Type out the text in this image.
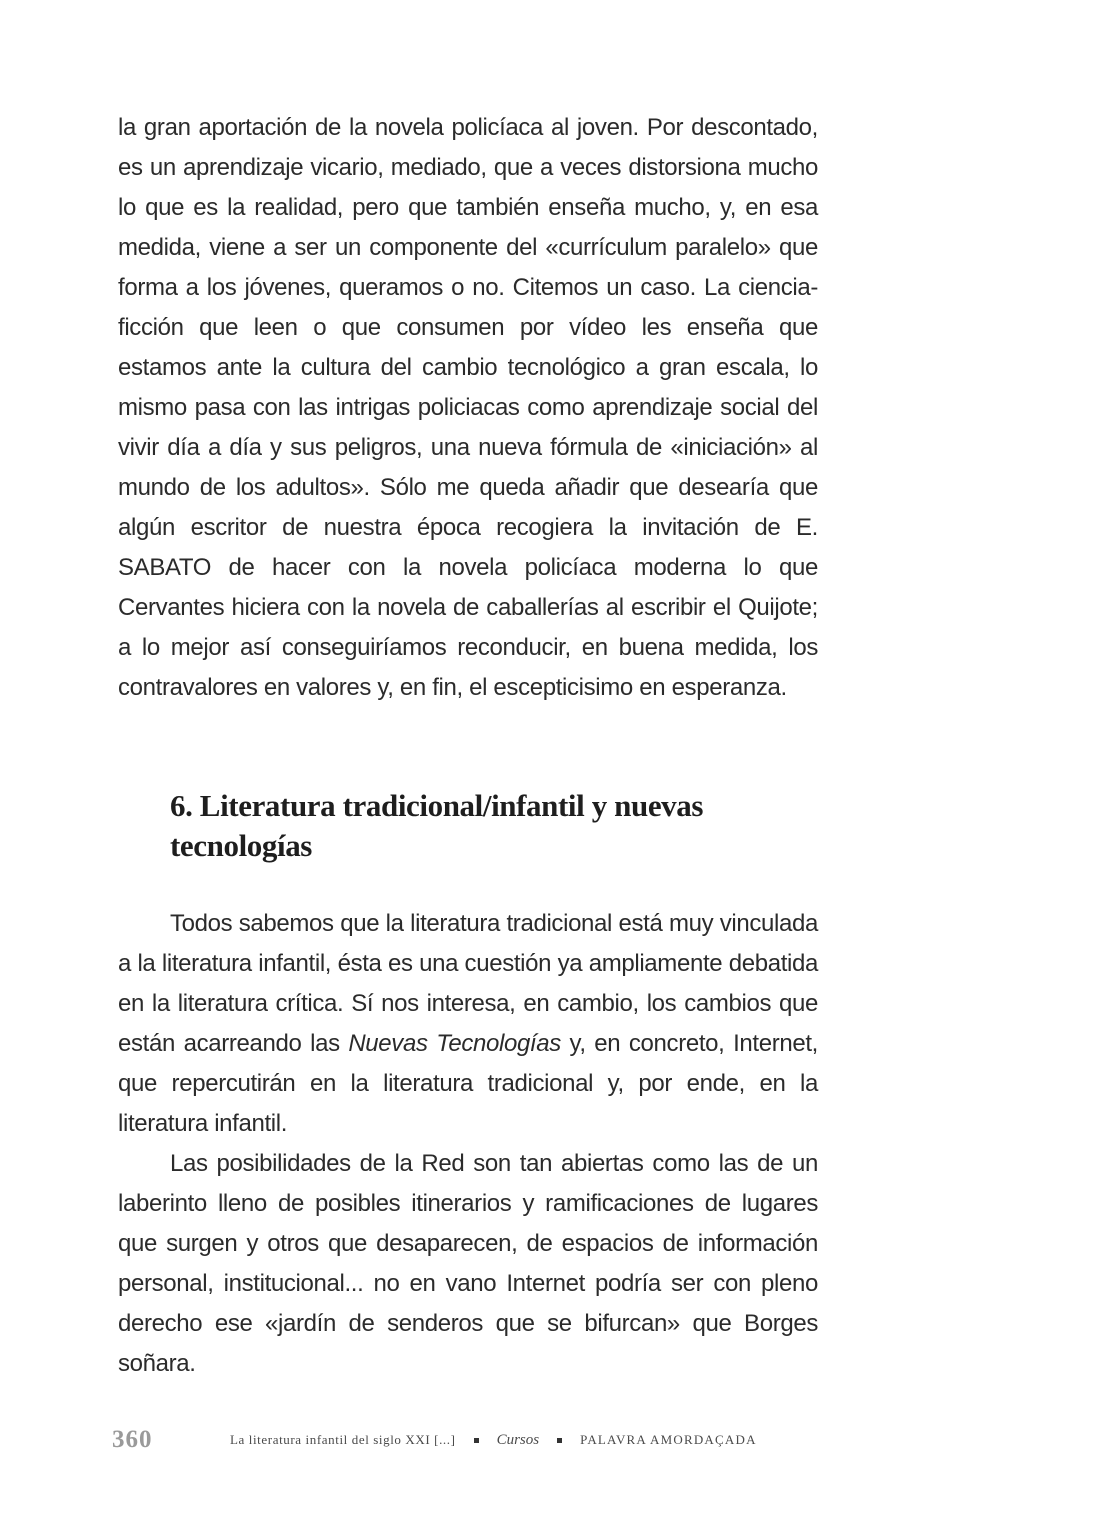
la gran aportación de la novela policíaca al joven. Por descontado, es un aprendizaje vicario, mediado, que a veces distorsiona mucho lo que es la realidad, pero que también enseña mucho, y, en esa medida, viene a ser un componente del «currículum paralelo» que forma a los jóvenes, queramos o no. Citemos un caso. La ciencia-ficción que leen o que consumen por vídeo les enseña que estamos ante la cultura del cambio tecnológico a gran escala, lo mismo pasa con las intrigas policiacas como aprendizaje social del vivir día a día y sus peligros, una nueva fórmula de «iniciación» al mundo de los adultos». Sólo me queda añadir que desearía que algún escritor de nuestra época recogiera la invitación de E. SABATO de hacer con la novela policíaca moderna lo que Cervantes hiciera con la novela de caballerías al escribir el Quijote; a lo mejor así conseguiríamos reconducir, en buena medida, los contravalores en valores y, en fin, el escepticisimo en esperanza.

6. Literatura tradicional/infantil y nuevas tecnologías

Todos sabemos que la literatura tradicional está muy vinculada a la literatura infantil, ésta es una cuestión ya ampliamente debatida en la literatura crítica. Sí nos interesa, en cambio, los cambios que están acarreando las Nuevas Tecnologías y, en concreto, Internet, que repercutirán en la literatura tradicional y, por ende, en la literatura infantil.

Las posibilidades de la Red son tan abiertas como las de un laberinto lleno de posibles itinerarios y ramificaciones de lugares que surgen y otros que desaparecen, de espacios de información personal, institucional... no en vano Internet podría ser con pleno derecho ese «jardín de senderos que se bifurcan» que Borges soñara.

360	La literatura infantil del siglo XXI [...]	Cursos	PALAVRA AMORDAÇADA
